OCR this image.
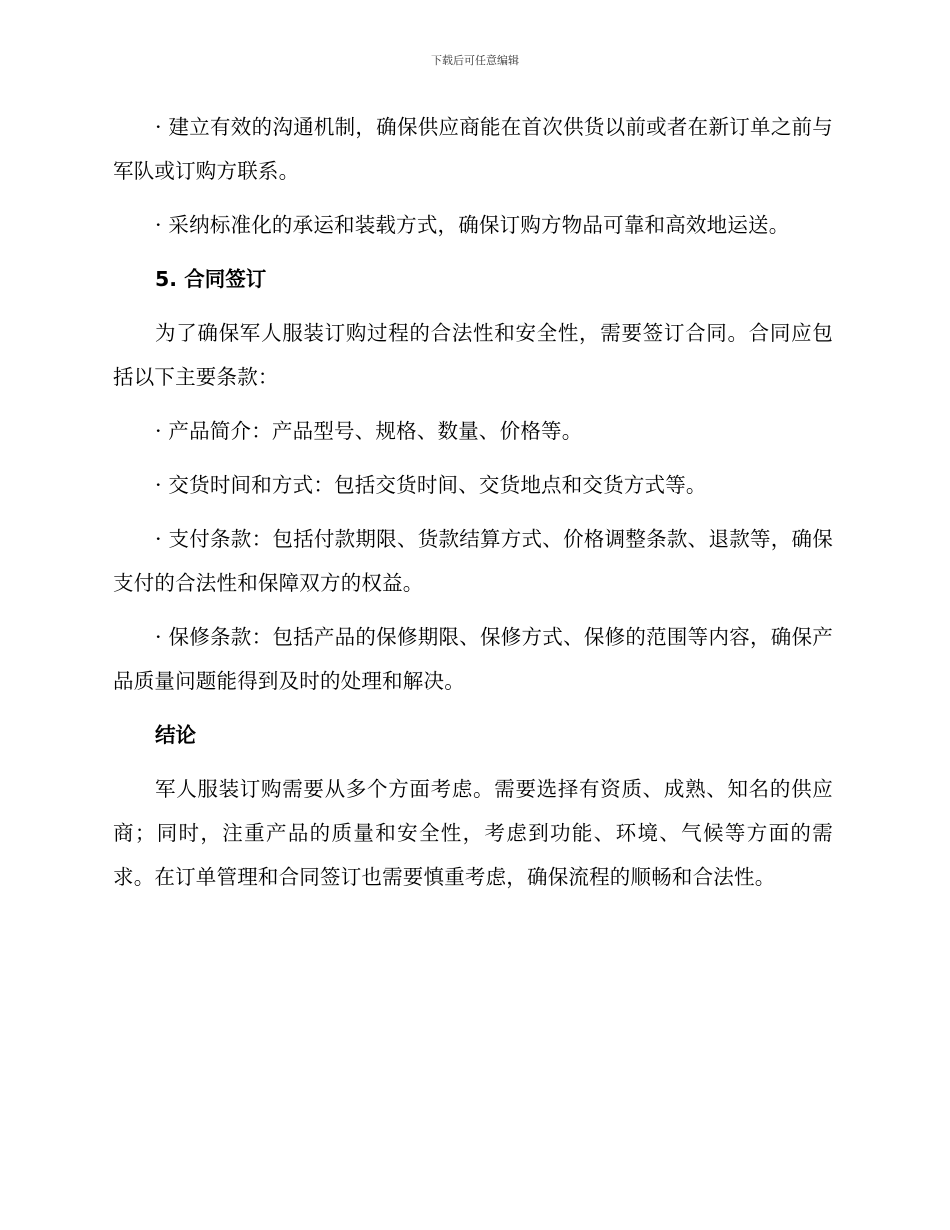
下载后可任意编辑

· 建立有效的沟通机制，确保供应商能在首次供货以前或者在新订单之前与军队或订购方联系。

· 采纳标准化的承运和装载方式，确保订购方物品可靠和高效地运送。

5. 合同签订

为了确保军人服装订购过程的合法性和安全性，需要签订合同。合同应包括以下主要条款：

· 产品简介：产品型号、规格、数量、价格等。

· 交货时间和方式：包括交货时间、交货地点和交货方式等。

· 支付条款：包括付款期限、货款结算方式、价格调整条款、退款等，确保支付的合法性和保障双方的权益。

· 保修条款：包括产品的保修期限、保修方式、保修的范围等内容，确保产品质量问题能得到及时的处理和解决。

结论

军人服装订购需要从多个方面考虑。需要选择有资质、成熟、知名的供应商；同时，注重产品的质量和安全性，考虑到功能、环境、气候等方面的需求。在订单管理和合同签订也需要慎重考虑，确保流程的顺畅和合法性。
